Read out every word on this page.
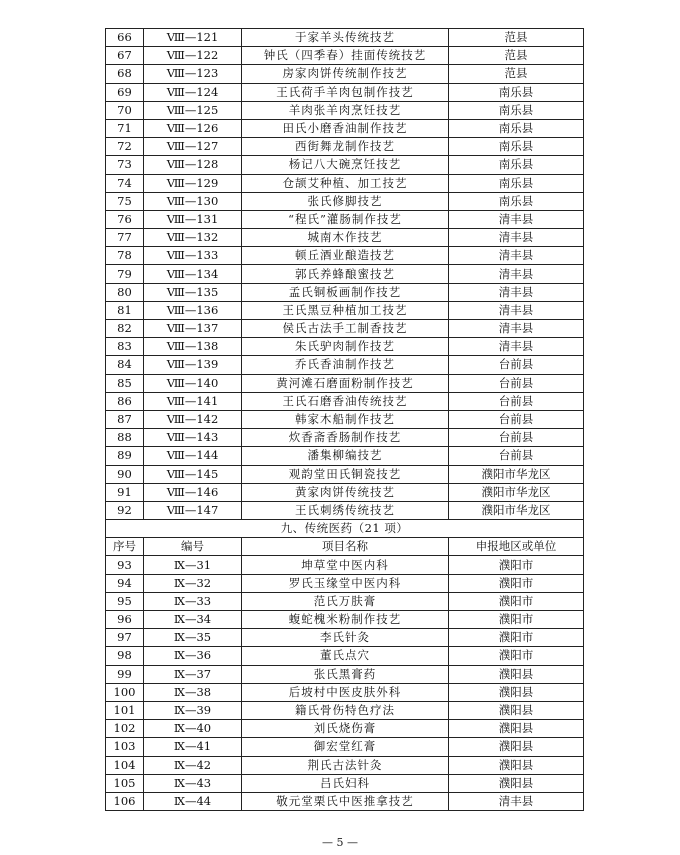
66	Ⅷ—121	于家羊头传统技艺	范县
67	Ⅷ—122	钟氏（四季春）挂面传统技艺	范县
68	Ⅷ—123	房家肉饼传统制作技艺	范县
69	Ⅷ—124	王氏荷手羊肉包制作技艺	南乐县
70	Ⅷ—125	羊肉张羊肉烹饪技艺	南乐县
71	Ⅷ—126	田氏小磨香油制作技艺	南乐县
72	Ⅷ—127	西街舞龙制作技艺	南乐县
73	Ⅷ—128	杨记八大碗烹饪技艺	南乐县
74	Ⅷ—129	仓颉艾种植、加工技艺	南乐县
75	Ⅷ—130	张氏修脚技艺	南乐县
76	Ⅷ—131	“程氏”灌肠制作技艺	清丰县
77	Ⅷ—132	城南木作技艺	清丰县
78	Ⅷ—133	顿丘酒业酿造技艺	清丰县
79	Ⅷ—134	郭氏养蜂酿蜜技艺	清丰县
80	Ⅷ—135	孟氏铜板画制作技艺	清丰县
81	Ⅷ—136	王氏黑豆种植加工技艺	清丰县
82	Ⅷ—137	侯氏古法手工制香技艺	清丰县
83	Ⅷ—138	朱氏驴肉制作技艺	清丰县
84	Ⅷ—139	乔氏香油制作技艺	台前县
85	Ⅷ—140	黄河滩石磨面粉制作技艺	台前县
86	Ⅷ—141	王氏石磨香油传统技艺	台前县
87	Ⅷ—142	韩家木船制作技艺	台前县
88	Ⅷ—143	炊香斋香肠制作技艺	台前县
89	Ⅷ—144	潘集柳编技艺	台前县
90	Ⅷ—145	观韵堂田氏铜瓷技艺	濮阳市华龙区
91	Ⅷ—146	黄家肉饼传统技艺	濮阳市华龙区
92	Ⅷ—147	王氏刺绣传统技艺	濮阳市华龙区
九、传统医药（21 项）			
序号	编号	项目名称	申报地区或单位
93	Ⅸ—31	坤草堂中医内科	濮阳市
94	Ⅸ—32	罗氏玉缘堂中医内科	濮阳市
95	Ⅸ—33	范氏万肤膏	濮阳市
96	Ⅸ—34	蝮蛇槐米粉制作技艺	濮阳市
97	Ⅸ—35	李氏针灸	濮阳市
98	Ⅸ—36	董氏点穴	濮阳市
99	Ⅸ—37	张氏黑膏药	濮阳县
100	Ⅸ—38	后坡村中医皮肤外科	濮阳县
101	Ⅸ—39	籍氏骨伤特色疗法	濮阳县
102	Ⅸ—40	刘氏烧伤膏	濮阳县
103	Ⅸ—41	御宏堂红膏	濮阳县
104	Ⅸ—42	荆氏古法针灸	濮阳县
105	Ⅸ—43	吕氏妇科	濮阳县
106	Ⅸ—44	敬元堂栗氏中医推拿技艺	清丰县
— 5 —
